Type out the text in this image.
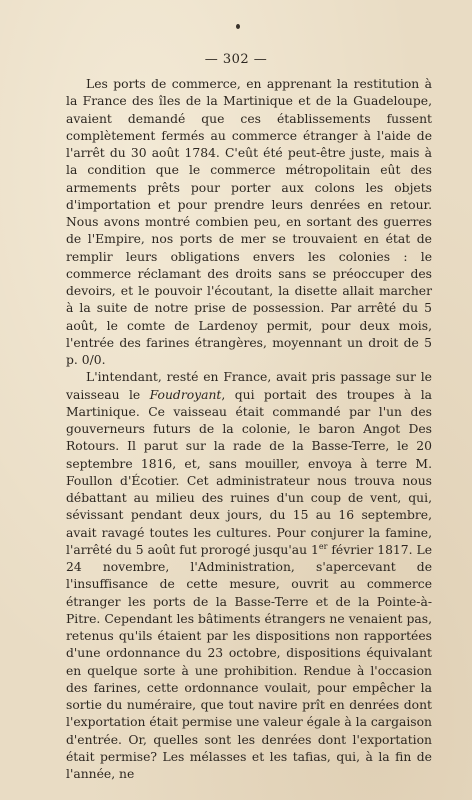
— 302 —

Les ports de commerce, en apprenant la restitution à la France des îles de la Martinique et de la Guadeloupe, avaient demandé que ces établissements fussent complètement fermés au commerce étranger à l'aide de l'arrêt du 30 août 1784. C'eût été peut-être juste, mais à la condition que le commerce métropolitain eût des armements prêts pour porter aux colons les objets d'importation et pour prendre leurs denrées en retour. Nous avons montré combien peu, en sortant des guerres de l'Empire, nos ports de mer se trouvaient en état de remplir leurs obligations envers les colonies : le commerce réclamant des droits sans se préoccuper des devoirs, et le pouvoir l'écoutant, la disette allait marcher à la suite de notre prise de possession. Par arrêté du 5 août, le comte de Lardenoy permit, pour deux mois, l'entrée des farines étrangères, moyennant un droit de 5 p. 0/0.

L'intendant, resté en France, avait pris passage sur le vaisseau le Foudroyant, qui portait des troupes à la Martinique. Ce vaisseau était commandé par l'un des gouverneurs futurs de la colonie, le baron Angot Des Rotours. Il parut sur la rade de la Basse-Terre, le 20 septembre 1816, et, sans mouiller, envoya à terre M. Foullon d'Écotier. Cet administrateur nous trouva nous débattant au milieu des ruines d'un coup de vent, qui, sévissant pendant deux jours, du 15 au 16 septembre, avait ravagé toutes les cultures. Pour conjurer la famine, l'arrêté du 5 août fut prorogé jusqu'au 1er février 1817. Le 24 novembre, l'Administration, s'apercevant de l'insuffisance de cette mesure, ouvrit au commerce étranger les ports de la Basse-Terre et de la Pointe-à-Pitre. Cependant les bâtiments étrangers ne venaient pas, retenus qu'ils étaient par les dispositions non rapportées d'une ordonnance du 23 octobre, dispositions équivalant en quelque sorte à une prohibition. Rendue à l'occasion des farines, cette ordonnance voulait, pour empêcher la sortie du numéraire, que tout navire prît en denrées dont l'exportation était permise une valeur égale à la cargaison d'entrée. Or, quelles sont les denrées dont l'exportation était permise? Les mélasses et les tafias, qui, à la fin de l'année, ne
